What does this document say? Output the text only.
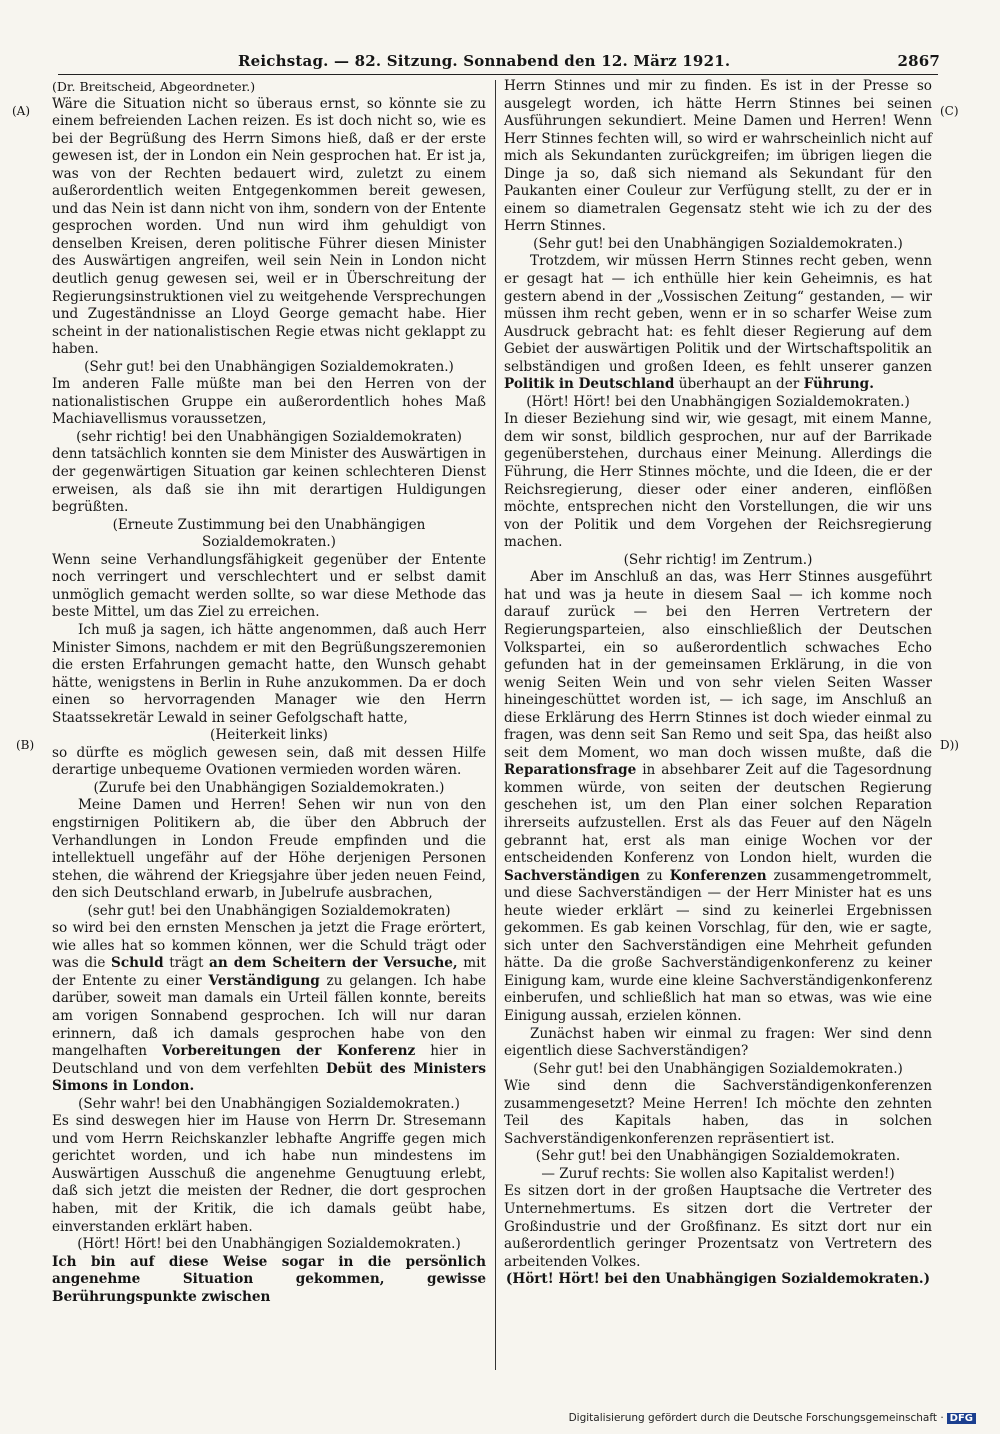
Reichstag. — 82. Sitzung. Sonnabend den 12. März 1921.	2867
(A)
(B)
(C)
D))

(Dr. Breitscheid, Abgeordneter.)

Wäre die Situation nicht so überaus ernst, so könnte sie zu einem befreienden Lachen reizen. Es ist doch nicht so, wie es bei der Begrüßung des Herrn Simons hieß, daß er der erste gewesen ist, der in London ein Nein gesprochen hat. Er ist ja, was von der Rechten bedauert wird, zuletzt zu einem außerordentlich weiten Entgegenkommen bereit gewesen, und das Nein ist dann nicht von ihm, sondern von der Entente gesprochen worden. Und nun wird ihm gehuldigt von denselben Kreisen, deren politische Führer diesen Minister des Auswärtigen angreifen, weil sein Nein in London nicht deutlich genug gewesen sei, weil er in Überschreitung der Regierungsinstruktionen viel zu weitgehende Versprechungen und Zugeständnisse an Lloyd George gemacht habe. Hier scheint in der nationalistischen Regie etwas nicht geklappt zu haben.

(Sehr gut! bei den Unabhängigen Sozialdemokraten.)

Im anderen Falle müßte man bei den Herren von der nationalistischen Gruppe ein außerordentlich hohes Maß Machiavellismus voraussetzen,

(sehr richtig! bei den Unabhängigen Sozialdemokraten)

denn tatsächlich konnten sie dem Minister des Auswärtigen in der gegenwärtigen Situation gar keinen schlechteren Dienst erweisen, als daß sie ihn mit derartigen Huldigungen begrüßten.

(Erneute Zustimmung bei den Unabhängigen Sozialdemokraten.)

Wenn seine Verhandlungsfähigkeit gegenüber der Entente noch verringert und verschlechtert und er selbst damit unmöglich gemacht werden sollte, so war diese Methode das beste Mittel, um das Ziel zu erreichen.

Ich muß ja sagen, ich hätte angenommen, daß auch Herr Minister Simons, nachdem er mit den Begrüßungszeremonien die ersten Erfahrungen gemacht hatte, den Wunsch gehabt hätte, wenigstens in Berlin in Ruhe anzukommen. Da er doch einen so hervorragenden Manager wie den Herrn Staatssekretär Lewald in seiner Gefolgschaft hatte,

(Heiterkeit links)

so dürfte es möglich gewesen sein, daß mit dessen Hilfe derartige unbequeme Ovationen vermieden worden wären.

(Zurufe bei den Unabhängigen Sozialdemokraten.)

Meine Damen und Herren! Sehen wir nun von den engstirnigen Politikern ab, die über den Abbruch der Verhandlungen in London Freude empfinden und die intellektuell ungefähr auf der Höhe derjenigen Personen stehen, die während der Kriegsjahre über jeden neuen Feind, den sich Deutschland erwarb, in Jubelrufe ausbrachen,

(sehr gut! bei den Unabhängigen Sozialdemokraten)

so wird bei den ernsten Menschen ja jetzt die Frage erörtert, wie alles hat so kommen können, wer die Schuld trägt oder was die Schuld trägt an dem Scheitern der Versuche, mit der Entente zu einer Verständigung zu gelangen. Ich habe darüber, soweit man damals ein Urteil fällen konnte, bereits am vorigen Sonnabend gesprochen. Ich will nur daran erinnern, daß ich damals gesprochen habe von den mangelhaften Vorbereitungen der Konferenz hier in Deutschland und von dem verfehlten Debüt des Ministers Simons in London.

(Sehr wahr! bei den Unabhängigen Sozialdemokraten.)

Es sind deswegen hier im Hause von Herrn Dr. Stresemann und vom Herrn Reichskanzler lebhafte Angriffe gegen mich gerichtet worden, und ich habe nun mindestens im Auswärtigen Ausschuß die angenehme Genugtuung erlebt, daß sich jetzt die meisten der Redner, die dort gesprochen haben, mit der Kritik, die ich damals geübt habe, einverstanden erklärt haben.

(Hört! Hört! bei den Unabhängigen Sozialdemokraten.)

Ich bin auf diese Weise sogar in die persönlich angenehme Situation gekommen, gewisse Berührungspunkte zwischen

Herrn Stinnes und mir zu finden. Es ist in der Presse so ausgelegt worden, ich hätte Herrn Stinnes bei seinen Ausführungen sekundiert. Meine Damen und Herren! Wenn Herr Stinnes fechten will, so wird er wahrscheinlich nicht auf mich als Sekundanten zurückgreifen; im übrigen liegen die Dinge ja so, daß sich niemand als Sekundant für den Paukanten einer Couleur zur Verfügung stellt, zu der er in einem so diametralen Gegensatz steht wie ich zu der des Herrn Stinnes.

(Sehr gut! bei den Unabhängigen Sozialdemokraten.)

Trotzdem, wir müssen Herrn Stinnes recht geben, wenn er gesagt hat — ich enthülle hier kein Geheimnis, es hat gestern abend in der „Vossischen Zeitung“ gestanden, — wir müssen ihm recht geben, wenn er in so scharfer Weise zum Ausdruck gebracht hat: es fehlt dieser Regierung auf dem Gebiet der auswärtigen Politik und der Wirtschaftspolitik an selbständigen und großen Ideen, es fehlt unserer ganzen Politik in Deutschland überhaupt an der Führung.

(Hört! Hört! bei den Unabhängigen Sozialdemokraten.)

In dieser Beziehung sind wir, wie gesagt, mit einem Manne, dem wir sonst, bildlich gesprochen, nur auf der Barrikade gegenüberstehen, durchaus einer Meinung. Allerdings die Führung, die Herr Stinnes möchte, und die Ideen, die er der Reichsregierung, dieser oder einer anderen, einflößen möchte, entsprechen nicht den Vorstellungen, die wir uns von der Politik und dem Vorgehen der Reichsregierung machen.

(Sehr richtig! im Zentrum.)

Aber im Anschluß an das, was Herr Stinnes ausgeführt hat und was ja heute in diesem Saal — ich komme noch darauf zurück — bei den Herren Vertretern der Regierungsparteien, also einschließlich der Deutschen Volkspartei, ein so außerordentlich schwaches Echo gefunden hat in der gemeinsamen Erklärung, in die von wenig Seiten Wein und von sehr vielen Seiten Wasser hineingeschüttet worden ist, — ich sage, im Anschluß an diese Erklärung des Herrn Stinnes ist doch wieder einmal zu fragen, was denn seit San Remo und seit Spa, das heißt also seit dem Moment, wo man doch wissen mußte, daß die Reparationsfrage in absehbarer Zeit auf die Tagesordnung kommen würde, von seiten der deutschen Regierung geschehen ist, um den Plan einer solchen Reparation ihrerseits aufzustellen. Erst als das Feuer auf den Nägeln gebrannt hat, erst als man einige Wochen vor der entscheidenden Konferenz von London hielt, wurden die Sachverständigen zu Konferenzen zusammengetrommelt, und diese Sachverständigen — der Herr Minister hat es uns heute wieder erklärt — sind zu keinerlei Ergebnissen gekommen. Es gab keinen Vorschlag, für den, wie er sagte, sich unter den Sachverständigen eine Mehrheit gefunden hätte. Da die große Sachverständigenkonferenz zu keiner Einigung kam, wurde eine kleine Sachverständigenkonferenz einberufen, und schließlich hat man so etwas, was wie eine Einigung aussah, erzielen können.

Zunächst haben wir einmal zu fragen: Wer sind denn eigentlich diese Sachverständigen?

(Sehr gut! bei den Unabhängigen Sozialdemokraten.)

Wie sind denn die Sachverständigenkonferenzen zusammengesetzt? Meine Herren! Ich möchte den zehnten Teil des Kapitals haben, das in solchen Sachverständigenkonferenzen repräsentiert ist.

(Sehr gut! bei den Unabhängigen Sozialdemokraten.

— Zuruf rechts: Sie wollen also Kapitalist werden!)

Es sitzen dort in der großen Hauptsache die Vertreter des Unternehmertums. Es sitzen dort die Vertreter der Großindustrie und der Großfinanz. Es sitzt dort nur ein außerordentlich geringer Prozentsatz von Vertretern des arbeitenden Volkes.

(Hört! Hört! bei den Unabhängigen Sozialdemokraten.)

Digitalisierung gefördert durch die Deutsche Forschungsgemeinschaft · DFG
